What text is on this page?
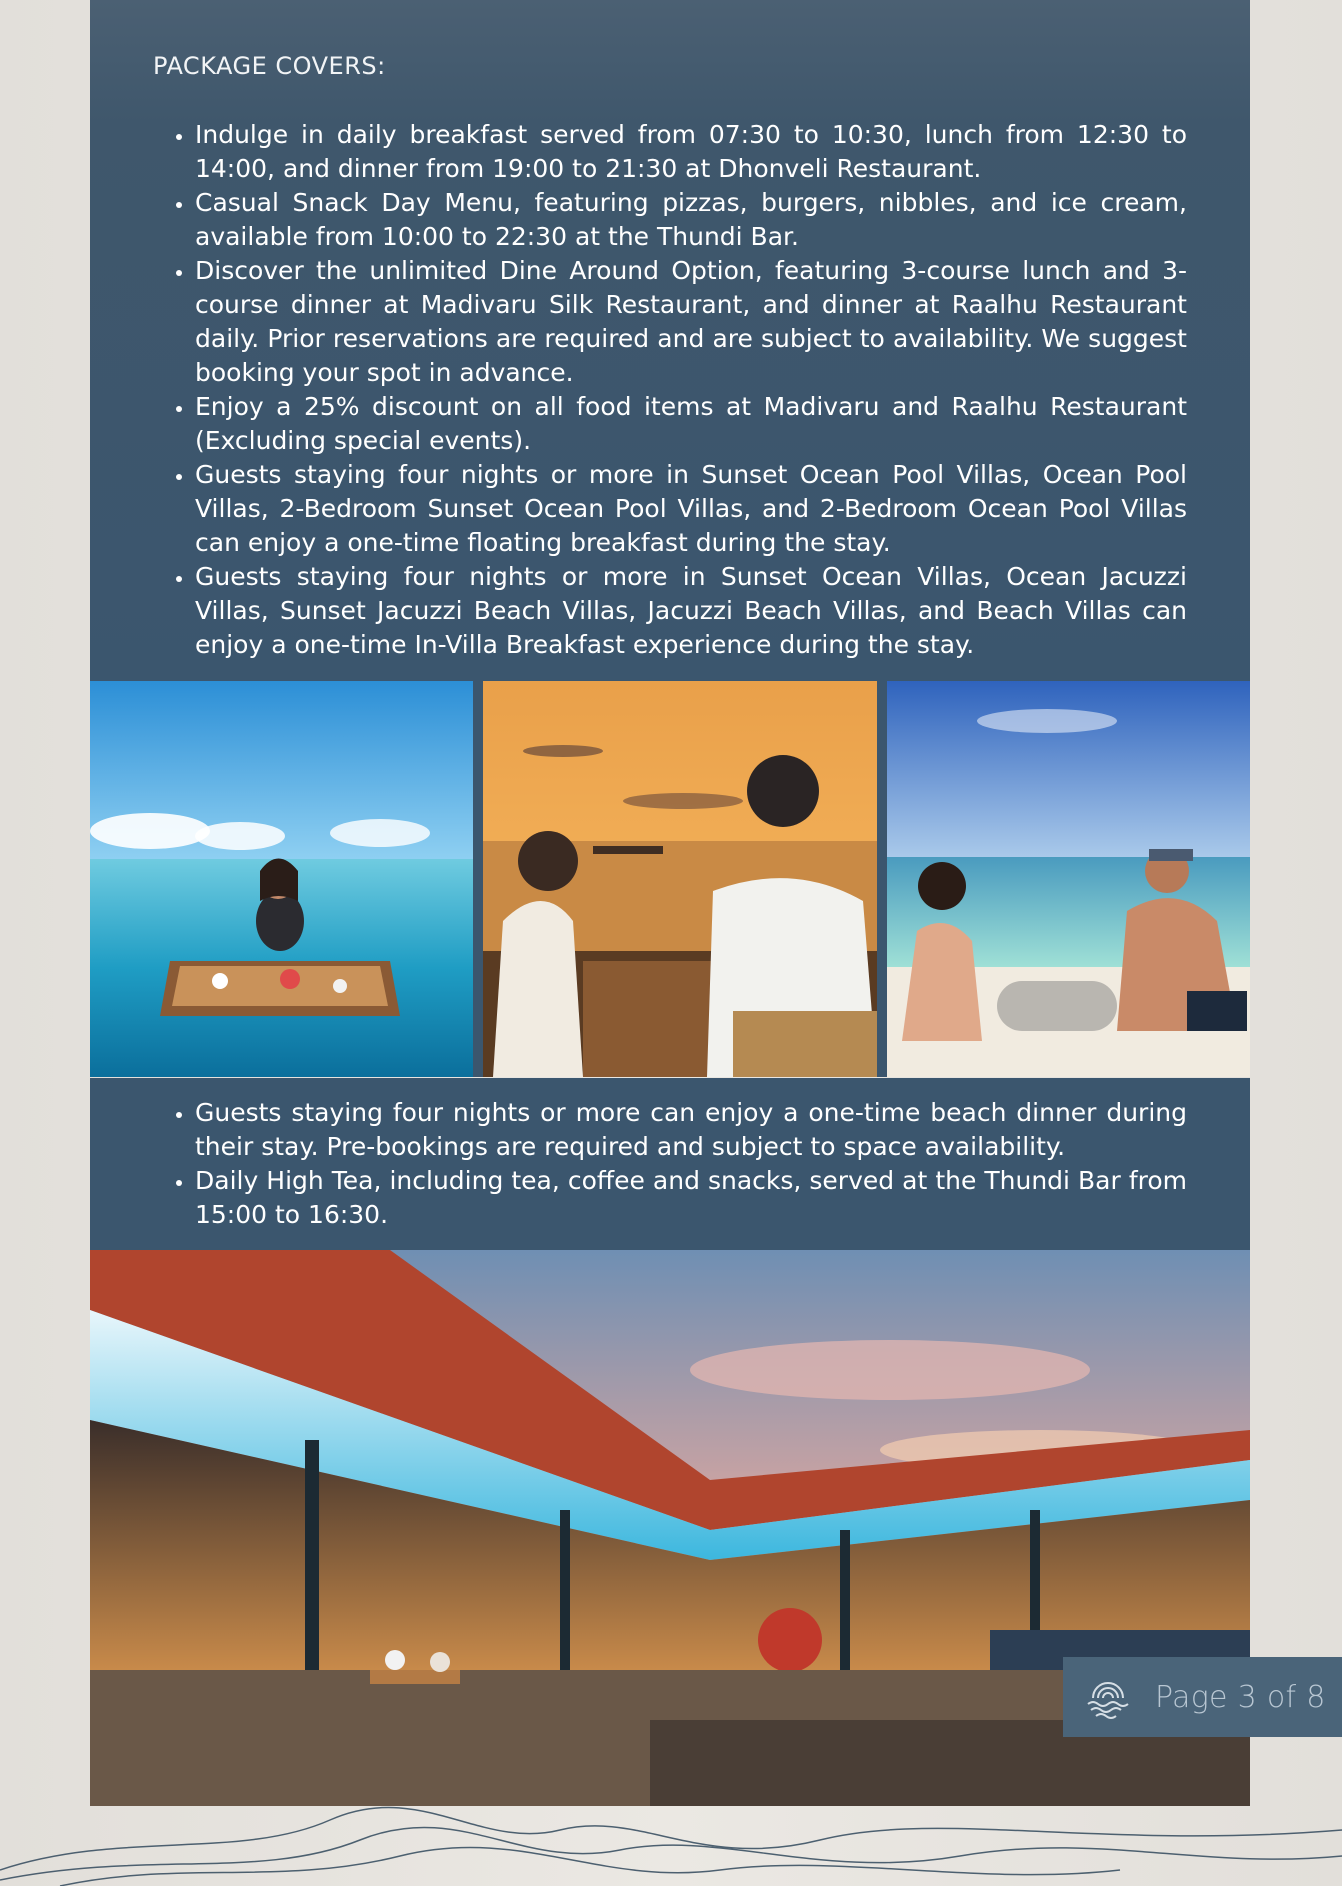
PACKAGE COVERS:
• Indulge in daily breakfast served from 07:30 to 10:30, lunch from 12:30 to 14:00, and dinner from 19:00 to 21:30 at Dhonveli Restaurant.
• Casual Snack Day Menu, featuring pizzas, burgers, nibbles, and ice cream, available from 10:00 to 22:30 at the Thundi Bar.
• Discover the unlimited Dine Around Option, featuring 3-course lunch and 3-course dinner at Madivaru Silk Restaurant, and dinner at Raalhu Restaurant daily. Prior reservations are required and are subject to availability. We suggest booking your spot in advance.
• Enjoy a 25% discount on all food items at Madivaru and Raalhu Restaurant (Excluding special events).
• Guests staying four nights or more in Sunset Ocean Pool Villas, Ocean Pool Villas, 2-Bedroom Sunset Ocean Pool Villas, and 2-Bedroom Ocean Pool Villas can enjoy a one-time floating breakfast during the stay.
• Guests staying four nights or more in Sunset Ocean Villas, Ocean Jacuzzi Villas, Sunset Jacuzzi Beach Villas, Jacuzzi Beach Villas, and Beach Villas can enjoy a one-time In-Villa Breakfast experience during the stay.
• Guests staying four nights or more can enjoy a one-time beach dinner during their stay. Pre-bookings are required and subject to space availability.
• Daily High Tea, including tea, coffee and snacks, served at the Thundi Bar from 15:00 to 16:30.
Page 3 of 8
